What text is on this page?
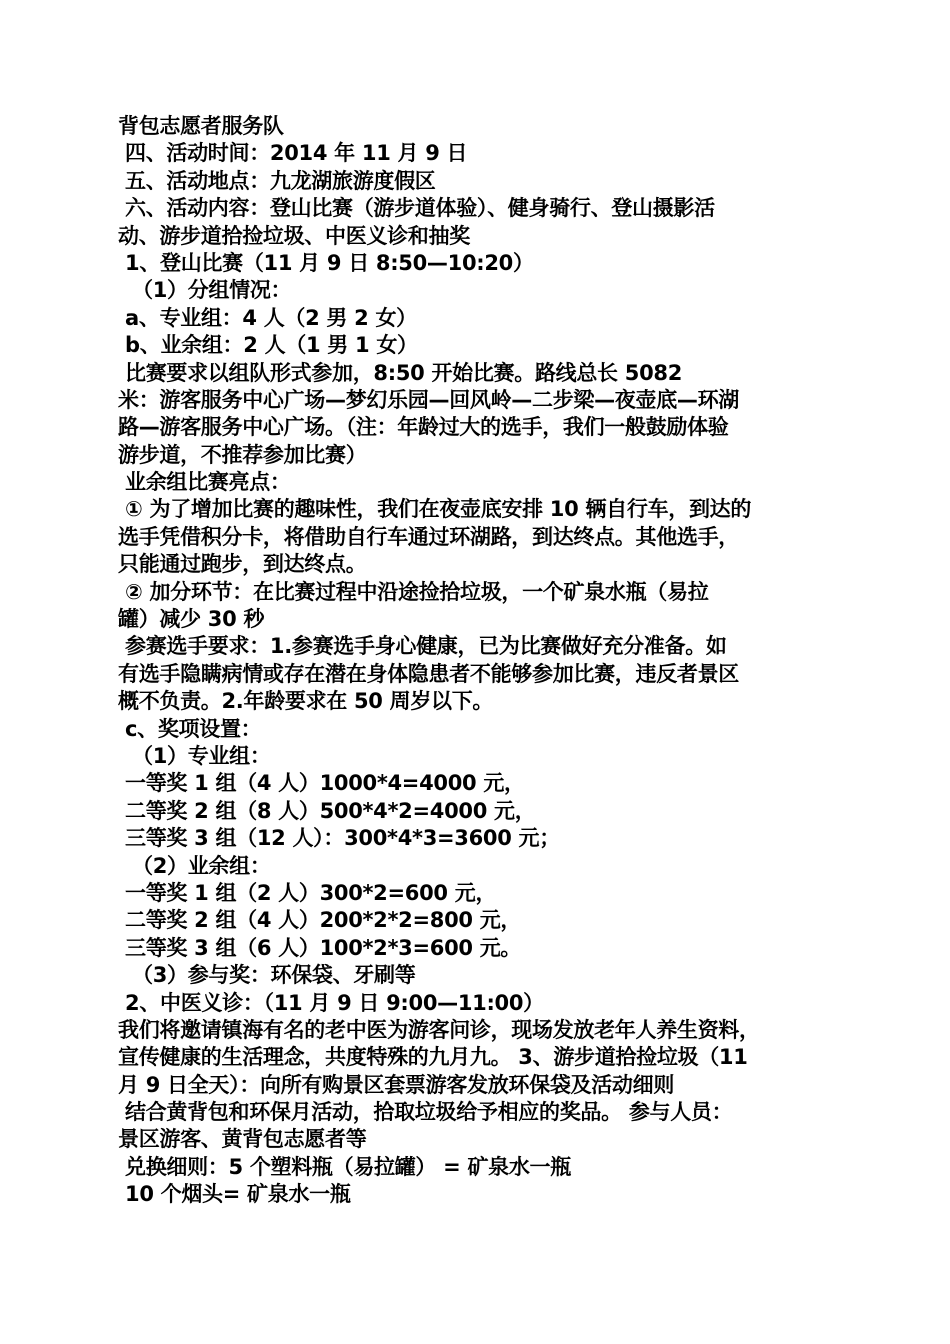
背包志愿者服务队
四、活动时间：2014 年 11 月 9 日
五、活动地点：九龙湖旅游度假区
六、活动内容：登山比赛（游步道体验）、健身骑行、登山摄影活
动、游步道拾捡垃圾、中医义诊和抽奖
1、登山比赛（11 月 9 日 8:50—10:20）
（1）分组情况：
a、专业组：4 人（2 男 2 女）
b、业余组：2 人（1 男 1 女）
比赛要求以组队形式参加，8:50 开始比赛。路线总长 5082
米：游客服务中心广场—梦幻乐园—回风岭—二步梁—夜壶底—环湖
路—游客服务中心广场。（注：年龄过大的选手，我们一般鼓励体验
游步道，不推荐参加比赛）
业余组比赛亮点：
① 为了增加比赛的趣味性，我们在夜壶底安排 10 辆自行车，到达的
选手凭借积分卡，将借助自行车通过环湖路，到达终点。其他选手，
只能通过跑步，到达终点。
② 加分环节：在比赛过程中沿途捡拾垃圾，一个矿泉水瓶（易拉
罐）减少 30 秒
参赛选手要求：1.参赛选手身心健康，已为比赛做好充分准备。如
有选手隐瞒病情或存在潜在身体隐患者不能够参加比赛，违反者景区
概不负责。2.年龄要求在 50 周岁以下。
c、奖项设置：
（1）专业组：
一等奖 1 组（4 人）1000*4=4000 元，
二等奖 2 组（8 人）500*4*2=4000 元，
三等奖 3 组（12 人）：300*4*3=3600 元；
（2）业余组：
一等奖 1 组（2 人）300*2=600 元，
二等奖 2 组（4 人）200*2*2=800 元，
三等奖 3 组（6 人）100*2*3=600 元。
（3）参与奖：环保袋、牙刷等
2、中医义诊：（11 月 9 日 9:00—11:00）
我们将邀请镇海有名的老中医为游客问诊，现场发放老年人养生资料，
宣传健康的生活理念，共度特殊的九月九。 3、游步道拾捡垃圾（11
月 9 日全天）：向所有购景区套票游客发放环保袋及活动细则
结合黄背包和环保月活动，拾取垃圾给予相应的奖品。 参与人员：
景区游客、黄背包志愿者等
兑换细则：5 个塑料瓶（易拉罐） = 矿泉水一瓶
10 个烟头= 矿泉水一瓶
